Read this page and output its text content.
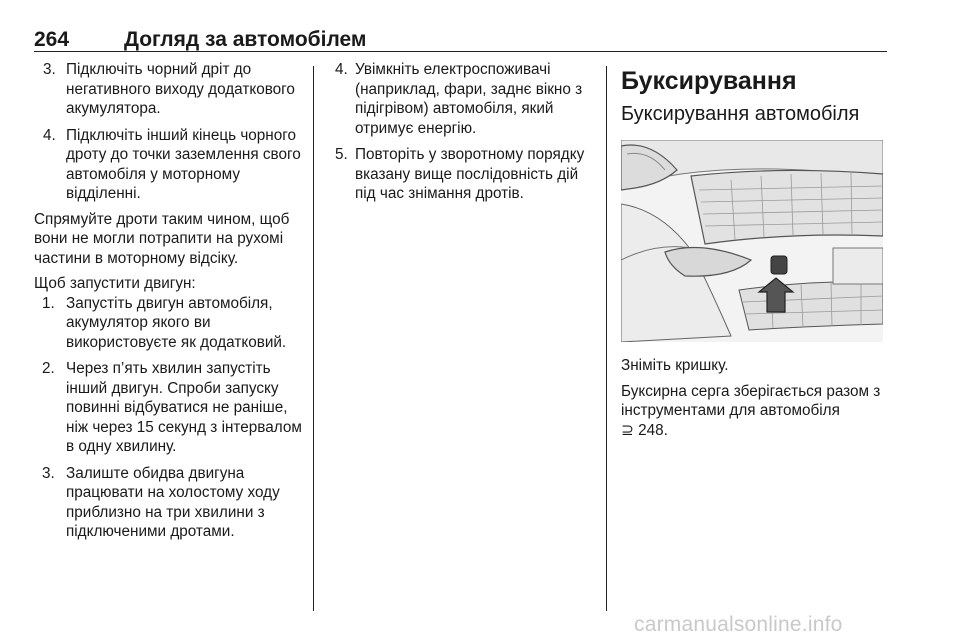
264	Догляд за автомобілем
3. Підключіть чорний дріт до негативного виходу додаткового акумулятора.
4. Підключіть інший кінець чорного дроту до точки заземлення свого автомобіля у моторному відділенні.

Спрямуйте дроти таким чином, щоб вони не могли потрапити на рухомі частини в моторному відсіку.

Щоб запустити двигун:

1. Запустіть двигун автомобіля, акумулятор якого ви використовуєте як додатковий.
2. Через п’ять хвилин запустіть інший двигун. Спроби запуску повинні відбуватися не раніше, ніж через 15 секунд з інтервалом в одну хвилину.
3. Залиште обидва двигуна працювати на холостому ходу приблизно на три хвилини з підключеними дротами.
4. Увімкніть електроспоживачі (наприклад, фари, заднє вікно з підігрівом) автомобіля, який отримує енергію.
5. Повторіть у зворотному порядку вказану вище послідовність дій під час знімання дротів.
Буксирування
Буксирування автомобіля

Зніміть кришку.

Буксирна серга зберігається разом з інструментами для автомобіля
⊇ 248.

carmanualsonline.info
